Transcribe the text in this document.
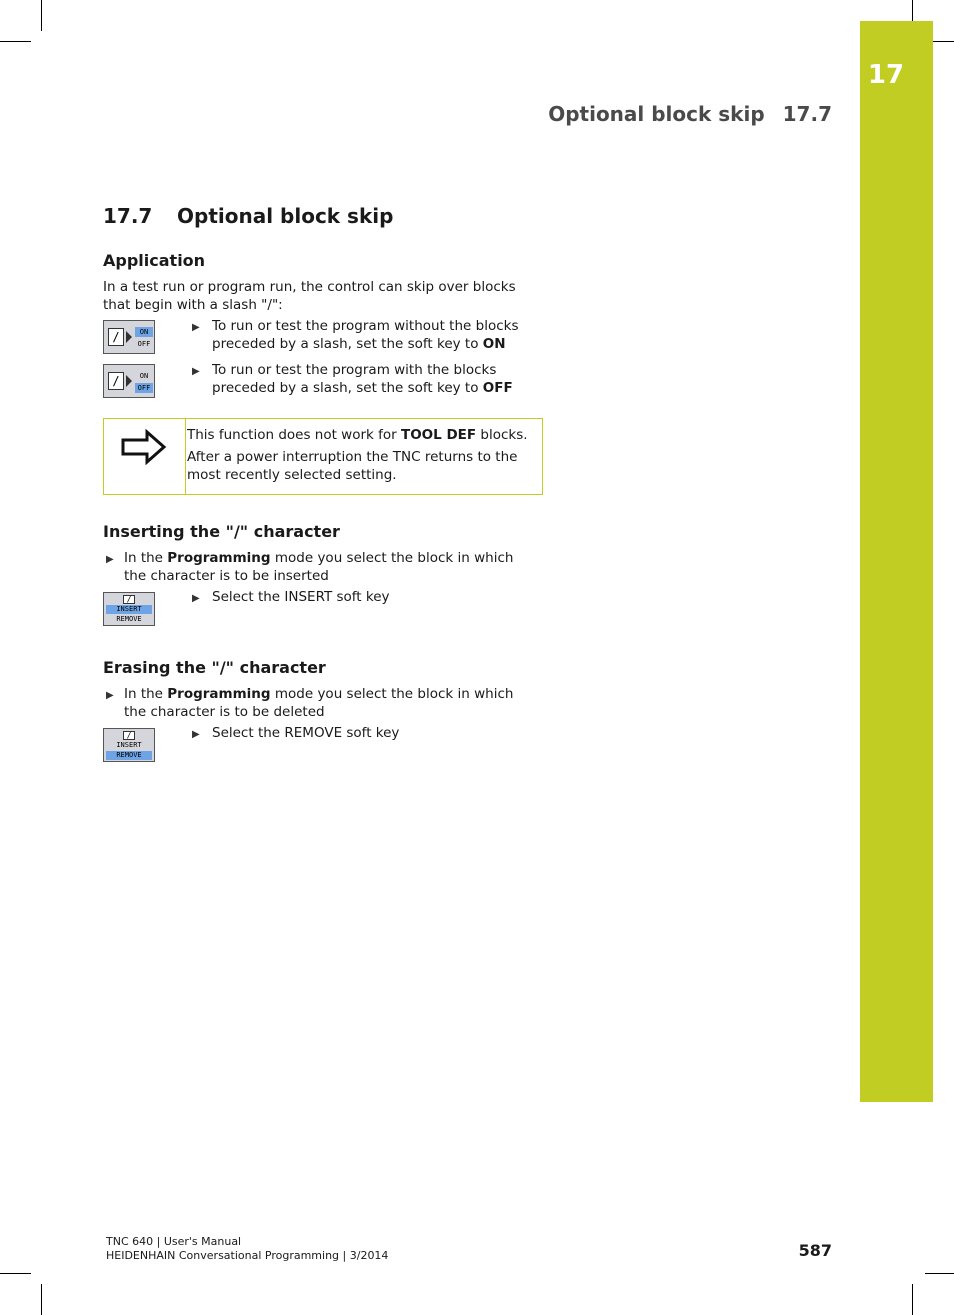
17
Optional block skip 17.7
17.7 Optional block skip
Application
In a test run or program run, the control can skip over blocks that begin with a slash "/":
/	ON
OFF
▶ To run or test the program without the blocks preceded by a slash, set the soft key to ON
/	ON
OFF
▶ To run or test the program with the blocks preceded by a slash, set the soft key to OFF
This function does not work for TOOL DEF blocks.
After a power interruption the TNC returns to the most recently selected setting.
Inserting the "/" character
▶ In the Programming mode you select the block in which the character is to be inserted
/
INSERT
REMOVE
▶ Select the INSERT soft key
Erasing the "/" character
▶ In the Programming mode you select the block in which the character is to be deleted
/
INSERT
REMOVE
▶ Select the REMOVE soft key
TNC 640 | User's Manual
HEIDENHAIN Conversational Programming | 3/2014	587
